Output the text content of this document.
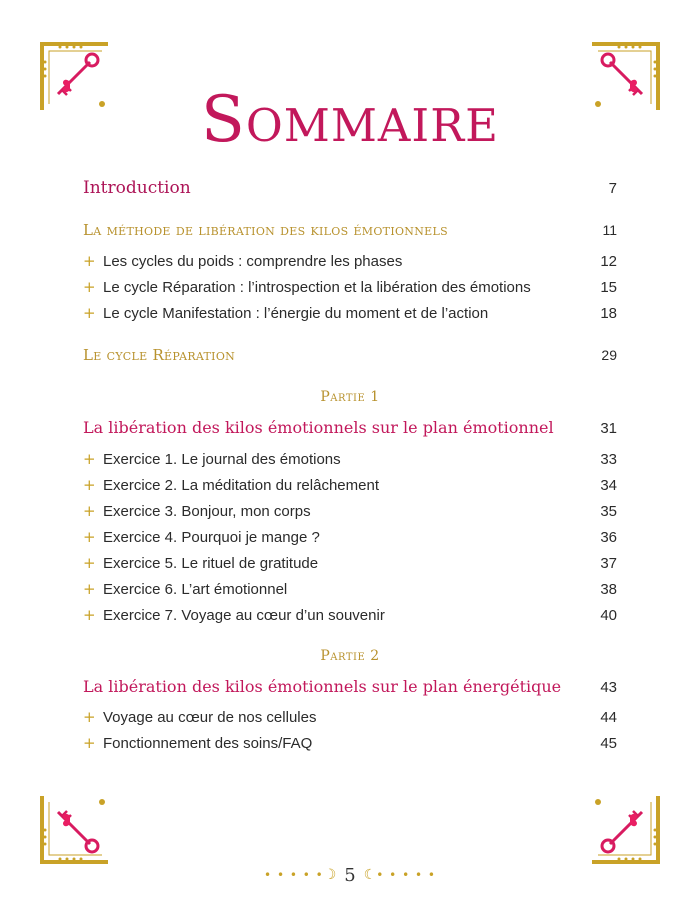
Sommaire
Introduction	7
La méthode de libération des kilos émotionnels	11
+ Les cycles du poids : comprendre les phases	12
+ Le cycle Réparation : l’introspection et la libération des émotions	15
+ Le cycle Manifestation : l’énergie du moment et de l’action	18
Le cycle Réparation	29
Partie 1
La libération des kilos émotionnels sur le plan émotionnel	31
+ Exercice 1. Le journal des émotions	33
+ Exercice 2. La méditation du relâchement	34
+ Exercice 3. Bonjour, mon corps	35
+ Exercice 4. Pourquoi je mange ?	36
+ Exercice 5. Le rituel de gratitude	37
+ Exercice 6. L’art émotionnel	38
+ Exercice 7. Voyage au cœur d’un souvenir	40
Partie 2
La libération des kilos émotionnels sur le plan énergétique	43
+ Voyage au cœur de nos cellules	44
+ Fonctionnement des soins/FAQ	45
• • • • • ☽ 5 ☾ • • • • •
